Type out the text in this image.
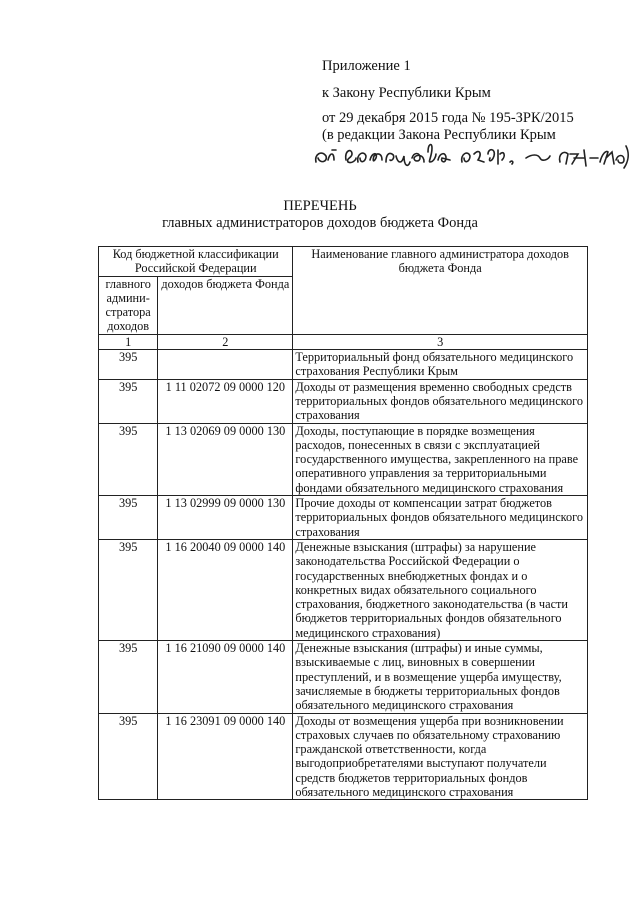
Приложение 1
к Закону Республики Крым
от 29 декабря 2015 года № 195-ЗРК/2015
(в редакции Закона Республики Крым
ПЕРЕЧЕНЬ
главных администраторов доходов бюджета Фонда
Код бюджетной классификации Российской Федерации		Наименование главного администратора доходов бюджета Фонда
главного админи-стратора доходов	доходов бюджета Фонда	
1	2	3
395		Территориальный фонд обязательного медицинского страхования Республики Крым
395	1 11 02072 09 0000 120	Доходы от размещения временно свободных средств территориальных фондов обязательного медицинского страхования
395	1 13 02069 09 0000 130	Доходы, поступающие в порядке возмещения расходов, понесенных в связи с эксплуатацией государственного имущества, закрепленного на праве оперативного управления за территориальными фондами обязательного медицинского страхования
395	1 13 02999 09 0000 130	Прочие доходы от компенсации затрат бюджетов территориальных фондов обязательного медицинского страхования
395	1 16 20040 09 0000 140	Денежные взыскания (штрафы) за нарушение законодательства Российской Федерации о государственных внебюджетных фондах и о конкретных видах обязательного социального страхования, бюджетного законодательства (в части бюджетов территориальных фондов обязательного медицинского страхования)
395	1 16 21090 09 0000 140	Денежные взыскания (штрафы) и иные суммы, взыскиваемые с лиц, виновных в совершении преступлений, и в возмещение ущерба имуществу, зачисляемые в бюджеты территориальных фондов обязательного медицинского страхования
395	1 16 23091 09 0000 140	Доходы от возмещения ущерба при возникновении страховых случаев по обязательному страхованию гражданской ответственности, когда выгодоприобретателями выступают получатели средств бюджетов территориальных фондов обязательного медицинского страхования
